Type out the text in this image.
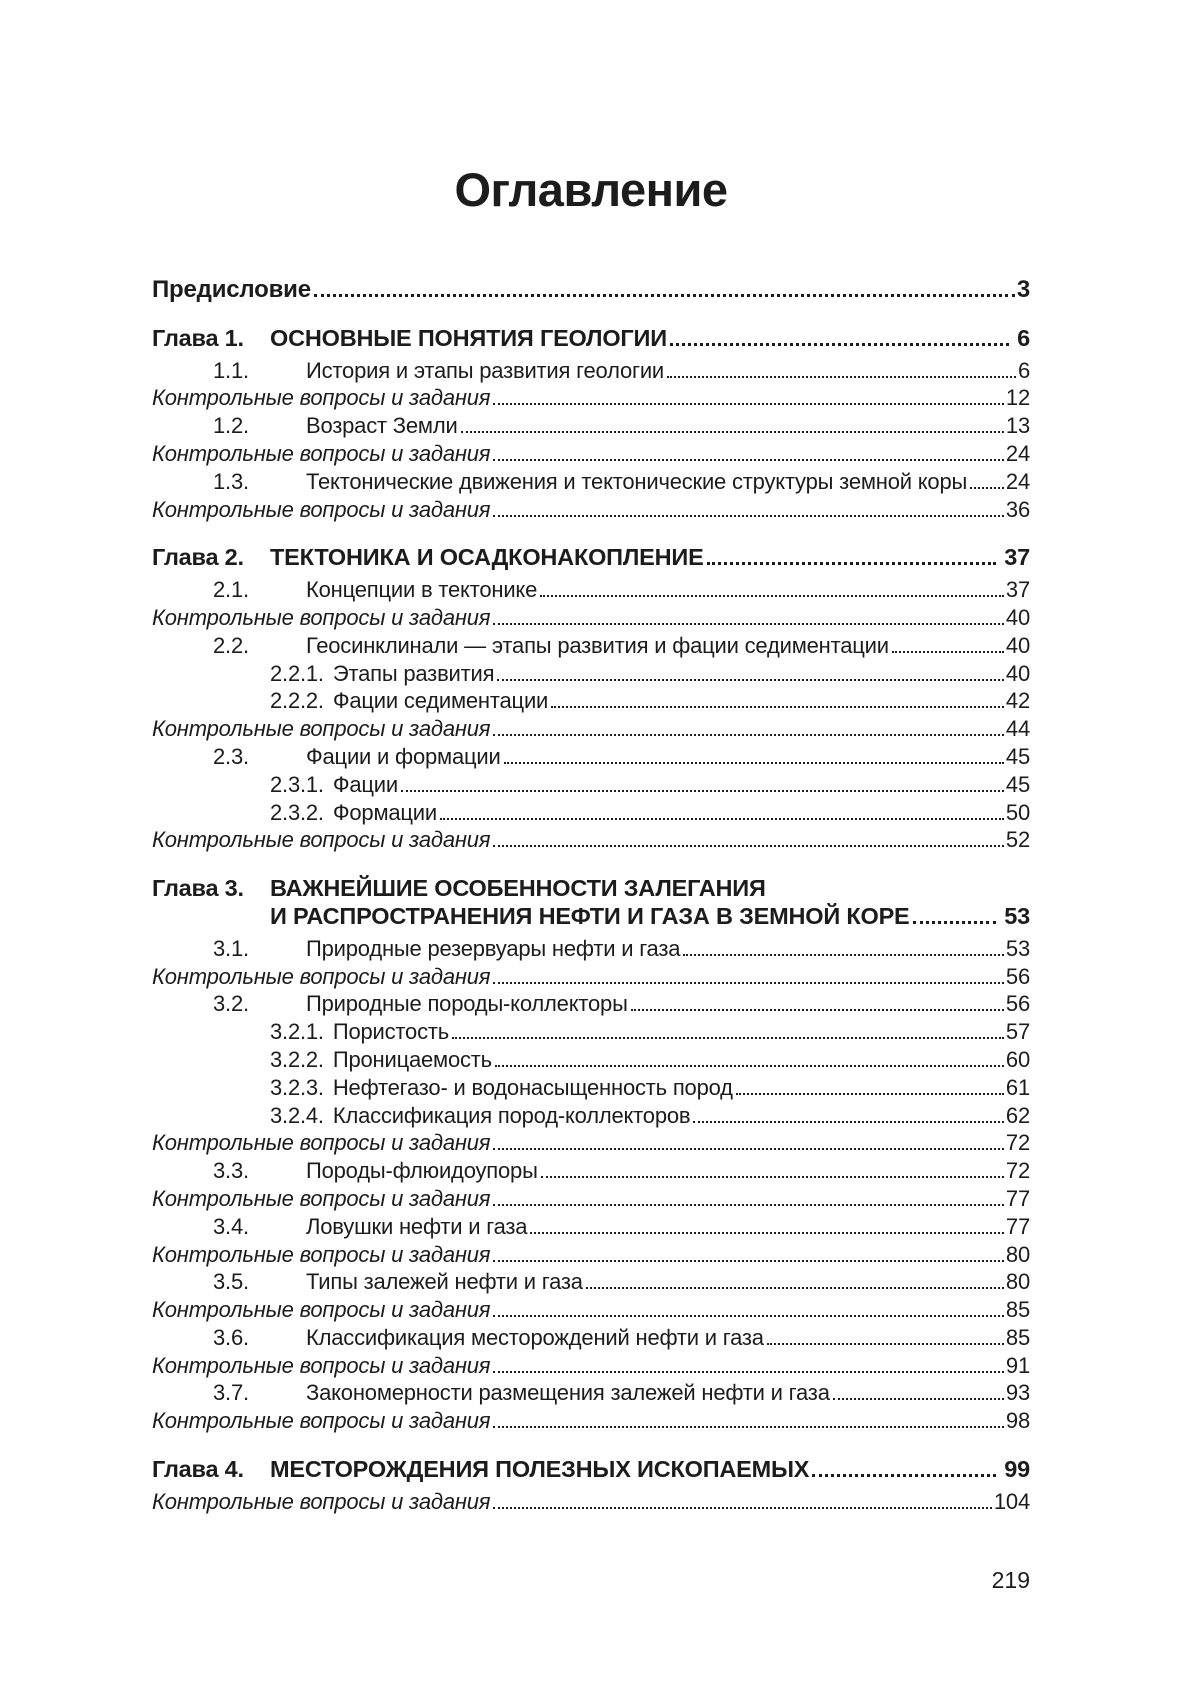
Оглавление
Предисловие	3
Глава 1.	ОСНОВНЫЕ ПОНЯТИЯ ГЕОЛОГИИ	6
1.1.	История и этапы развития геологии	6
Контрольные вопросы и задания	12
1.2.	Возраст Земли	13
Контрольные вопросы и задания	24
1.3.	Тектонические движения и тектонические структуры земной коры 24
Контрольные вопросы и задания	36
Глава 2.	ТЕКТОНИКА И ОСАДКОНАКОПЛЕНИЕ	37
2.1.	Концепции в тектонике	37
Контрольные вопросы и задания	40
2.2.	Геосинклинали — этапы развития и фации седиментации	40
2.2.1. Этапы развития	40
2.2.2. Фации седиментации	42
Контрольные вопросы и задания	44
2.3.	Фации и формации	45
2.3.1. Фации	45
2.3.2. Формации	50
Контрольные вопросы и задания	52
Глава 3.	ВАЖНЕЙШИЕ ОСОБЕННОСТИ ЗАЛЕГАНИЯ
И РАСПРОСТРАНЕНИЯ НЕФТИ И ГАЗА В ЗЕМНОЙ КОРЕ	53
3.1.	Природные резервуары нефти и газа	53
Контрольные вопросы и задания	56
3.2.	Природные породы-коллекторы	56
3.2.1. Пористость	57
3.2.2. Проницаемость	60
3.2.3. Нефтегазо- и водонасыщенность пород	61
3.2.4. Классификация пород-коллекторов	62
Контрольные вопросы и задания	72
3.3.	Породы-флюидоупоры	72
Контрольные вопросы и задания	77
3.4.	Ловушки нефти и газа	77
Контрольные вопросы и задания	80
3.5.	Типы залежей нефти и газа	80
Контрольные вопросы и задания	85
3.6.	Классификация месторождений нефти и газа	85
Контрольные вопросы и задания	91
3.7.	Закономерности размещения залежей нефти и газа	93
Контрольные вопросы и задания	98
Глава 4.	МЕСТОРОЖДЕНИЯ ПОЛЕЗНЫХ ИСКОПАЕМЫХ	99
Контрольные вопросы и задания	104
219
